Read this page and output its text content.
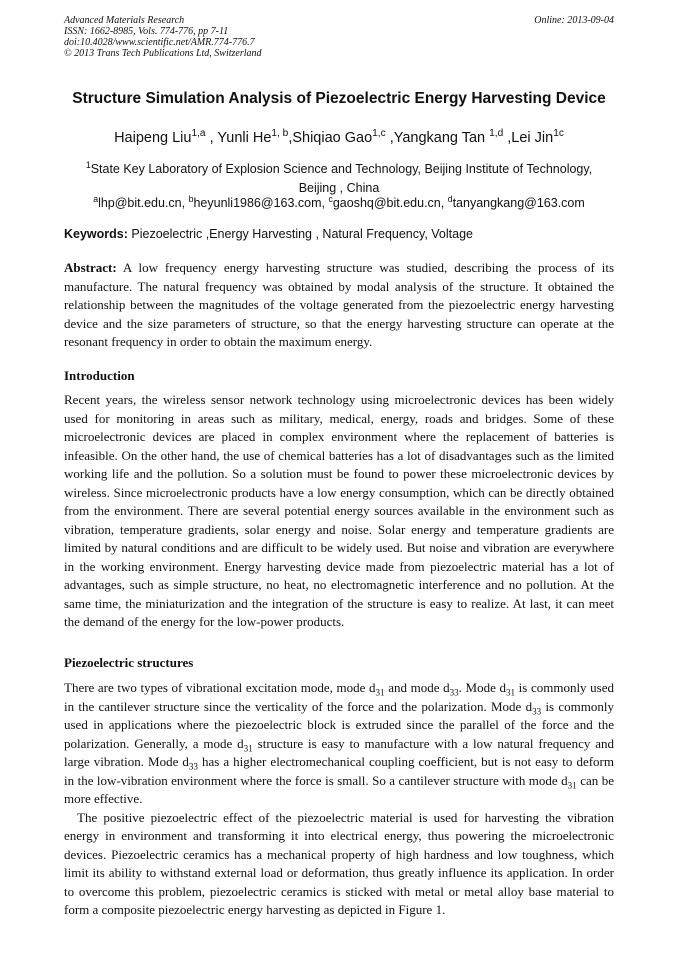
Advanced Materials Research
ISSN: 1662-8985, Vols. 774-776, pp 7-11
doi:10.4028/www.scientific.net/AMR.774-776.7
© 2013 Trans Tech Publications Ltd, Switzerland
Online: 2013-09-04
Structure Simulation Analysis of Piezoelectric Energy Harvesting Device
Haipeng Liu$^{1,a}$ , Yunli He$^{1, b}$,Shiqiao Gao$^{1,c}$ ,Yangkang Tan $^{1,d}$ ,Lei Jin$^{1c}$
$^1$State Key Laboratory of Explosion Science and Technology, Beijing Institute of Technology,
Beijing , China
$^a$lhp@bit.edu.cn, $^b$heyunli1986@163.com, $^c$gaoshq@bit.edu.cn, $^d$tanyangkang@163.com
Keywords: Piezoelectric ,Energy Harvesting , Natural Frequency, Voltage
Abstract: A low frequency energy harvesting structure was studied, describing the process of its manufacture. The natural frequency was obtained by modal analysis of the structure. It obtained the relationship between the magnitudes of the voltage generated from the piezoelectric energy harvesting device and the size parameters of structure, so that the energy harvesting structure can operate at the resonant frequency in order to obtain the maximum energy.
Introduction
Recent years, the wireless sensor network technology using microelectronic devices has been widely used for monitoring in areas such as military, medical, energy, roads and bridges. Some of these microelectronic devices are placed in complex environment where the replacement of batteries is infeasible. On the other hand, the use of chemical batteries has a lot of disadvantages such as the limited working life and the pollution. So a solution must be found to power these microelectronic devices by wireless. Since microelectronic products have a low energy consumption, which can be directly obtained from the environment. There are several potential energy sources available in the environment such as vibration, temperature gradients, solar energy and noise. Solar energy and temperature gradients are limited by natural conditions and are difficult to be widely used. But noise and vibration are everywhere in the working environment. Energy harvesting device made from piezoelectric material has a lot of advantages, such as simple structure, no heat, no electromagnetic interference and no pollution. At the same time, the miniaturization and the integration of the structure is easy to realize. At last, it can meet the demand of the energy for the low-power products.
Piezoelectric structures

There are two types of vibrational excitation mode, mode $d_{31}$ and mode $d_{33}$. Mode $d_{31}$ is commonly used in the cantilever structure since the verticality of the force and the polarization. Mode $d_{33}$ is commonly used in applications where the piezoelectric block is extruded since the parallel of the force and the polarization. Generally, a mode $d_{31}$ structure is easy to manufacture with a low natural frequency and large vibration. Mode $d_{33}$ has a higher electromechanical coupling coefficient, but is not easy to deform in the low-vibration environment where the force is small. So a cantilever structure with mode $d_{31}$ can be more effective.

The positive piezoelectric effect of the piezoelectric material is used for harvesting the vibration energy in environment and transforming it into electrical energy, thus powering the microelectronic devices. Piezoelectric ceramics has a mechanical property of high hardness and low toughness, which limit its ability to withstand external load or deformation, thus greatly influence its application. In order to overcome this problem, piezoelectric ceramics is sticked with metal or metal alloy base material to form a composite piezoelectric energy harvesting as depicted in Figure 1.
